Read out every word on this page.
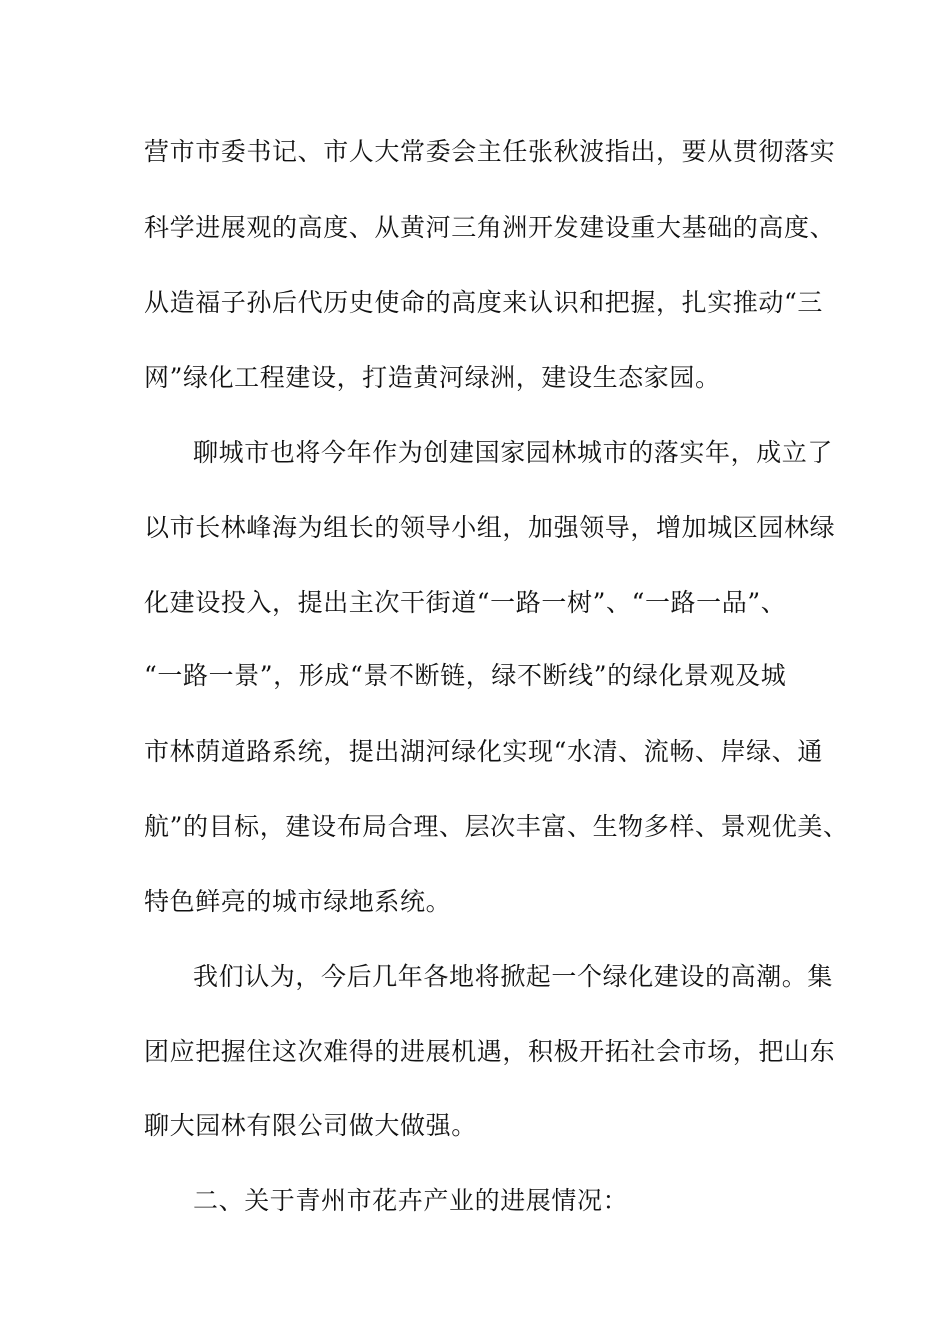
营市市委书记、市人大常委会主任张秋波指出，要从贯彻落实
科学进展观的高度、从黄河三角洲开发建设重大基础的高度、
从造福子孙后代历史使命的高度来认识和把握，扎实推动“三
网”绿化工程建设，打造黄河绿洲，建设生态家园。
聊城市也将今年作为创建国家园林城市的落实年，成立了
以市长林峰海为组长的领导小组，加强领导，增加城区园林绿
化建设投入，提出主次干街道“一路一树”、“一路一品”、
“一路一景”，形成“景不断链，绿不断线”的绿化景观及城
市林荫道路系统，提出湖河绿化实现“水清、流畅、岸绿、通
航”的目标，建设布局合理、层次丰富、生物多样、景观优美、
特色鲜亮的城市绿地系统。
我们认为，今后几年各地将掀起一个绿化建设的高潮。集
团应把握住这次难得的进展机遇，积极开拓社会市场，把山东
聊大园林有限公司做大做强。
二、关于青州市花卉产业的进展情况：
